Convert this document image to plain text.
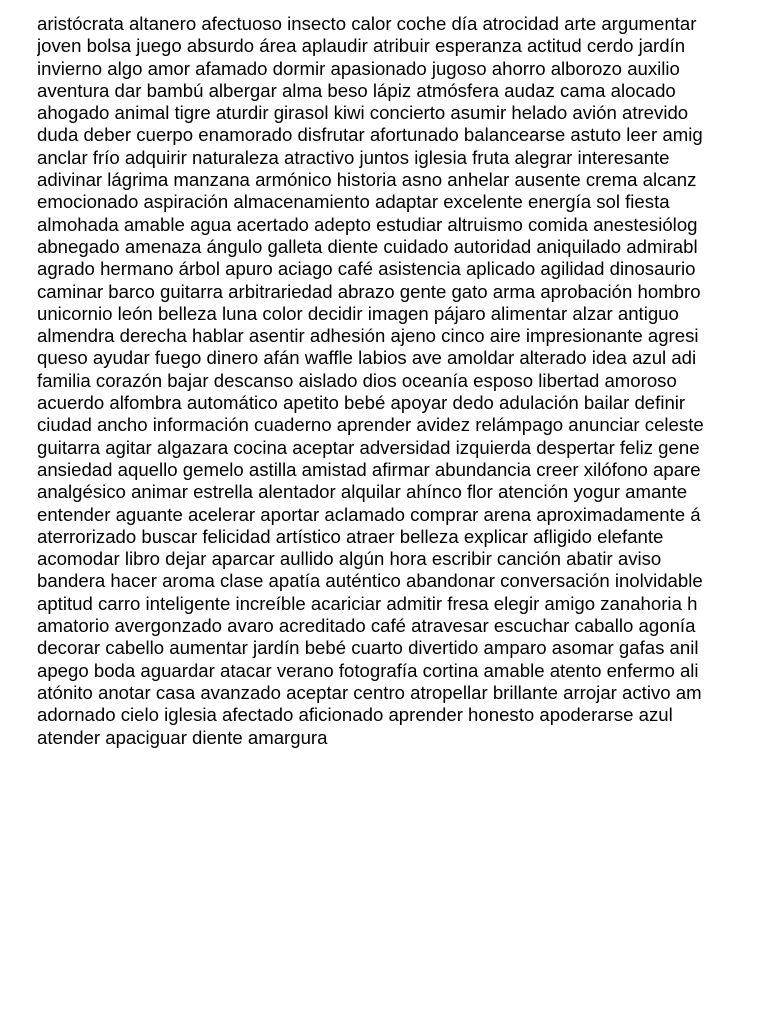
aristócrata altanero afectuoso insecto calor coche día atrocidad arte argumentar
joven bolsa juego absurdo área aplaudir atribuir esperanza actitud cerdo jardín
invierno algo amor afamado dormir apasionado jugoso ahorro alborozo auxilio
aventura dar bambú albergar alma beso lápiz atmósfera audaz cama alocado
ahogado animal tigre aturdir girasol kiwi concierto asumir helado avión atrevido
duda deber cuerpo enamorado disfrutar afortunado balancearse astuto leer amig
anclar frío adquirir naturaleza atractivo juntos iglesia fruta alegrar interesante
adivinar lágrima manzana armónico historia asno anhelar ausente crema alcanz
emocionado aspiración almacenamiento adaptar excelente energía sol fiesta
almohada amable agua acertado adepto estudiar altruismo comida anestesiólog
abnegado amenaza ángulo galleta diente cuidado autoridad aniquilado admirabl
agrado hermano árbol apuro aciago café asistencia aplicado agilidad dinosaurio
caminar barco guitarra arbitrariedad abrazo gente gato arma aprobación hombro
unicornio león belleza luna color decidir imagen pájaro alimentar alzar antiguo
almendra derecha hablar asentir adhesión ajeno cinco aire impresionante agresi
queso ayudar fuego dinero afán waffle labios ave amoldar alterado idea azul adi
familia corazón bajar descanso aislado dios oceanía esposo libertad amoroso
acuerdo alfombra automático apetito bebé apoyar dedo adulación bailar definir
ciudad ancho información cuaderno aprender avidez relámpago anunciar celeste
guitarra agitar algazara cocina aceptar adversidad izquierda despertar feliz gene
ansiedad aquello gemelo astilla amistad afirmar abundancia creer xilófono apare
analgésico animar estrella alentador alquilar ahínco flor atención yogur amante
entender aguante acelerar aportar aclamado comprar arena aproximadamente á
aterrorizado buscar felicidad artístico atraer belleza explicar afligido elefante
acomodar libro dejar aparcar aullido algún hora escribir canción abatir aviso
bandera hacer aroma clase apatía auténtico abandonar conversación inolvidable
aptitud carro inteligente increíble acariciar admitir fresa elegir amigo zanahoria h
amatorio avergonzado avaro acreditado café atravesar escuchar caballo agonía
decorar cabello aumentar jardín bebé cuarto divertido amparo asomar gafas anil
apego boda aguardar atacar verano fotografía cortina amable atento enfermo ali
atónito anotar casa avanzado aceptar centro atropellar brillante arrojar activo am
adornado cielo iglesia afectado aficionado aprender honesto apoderarse azul
atender apaciguar diente amargura
